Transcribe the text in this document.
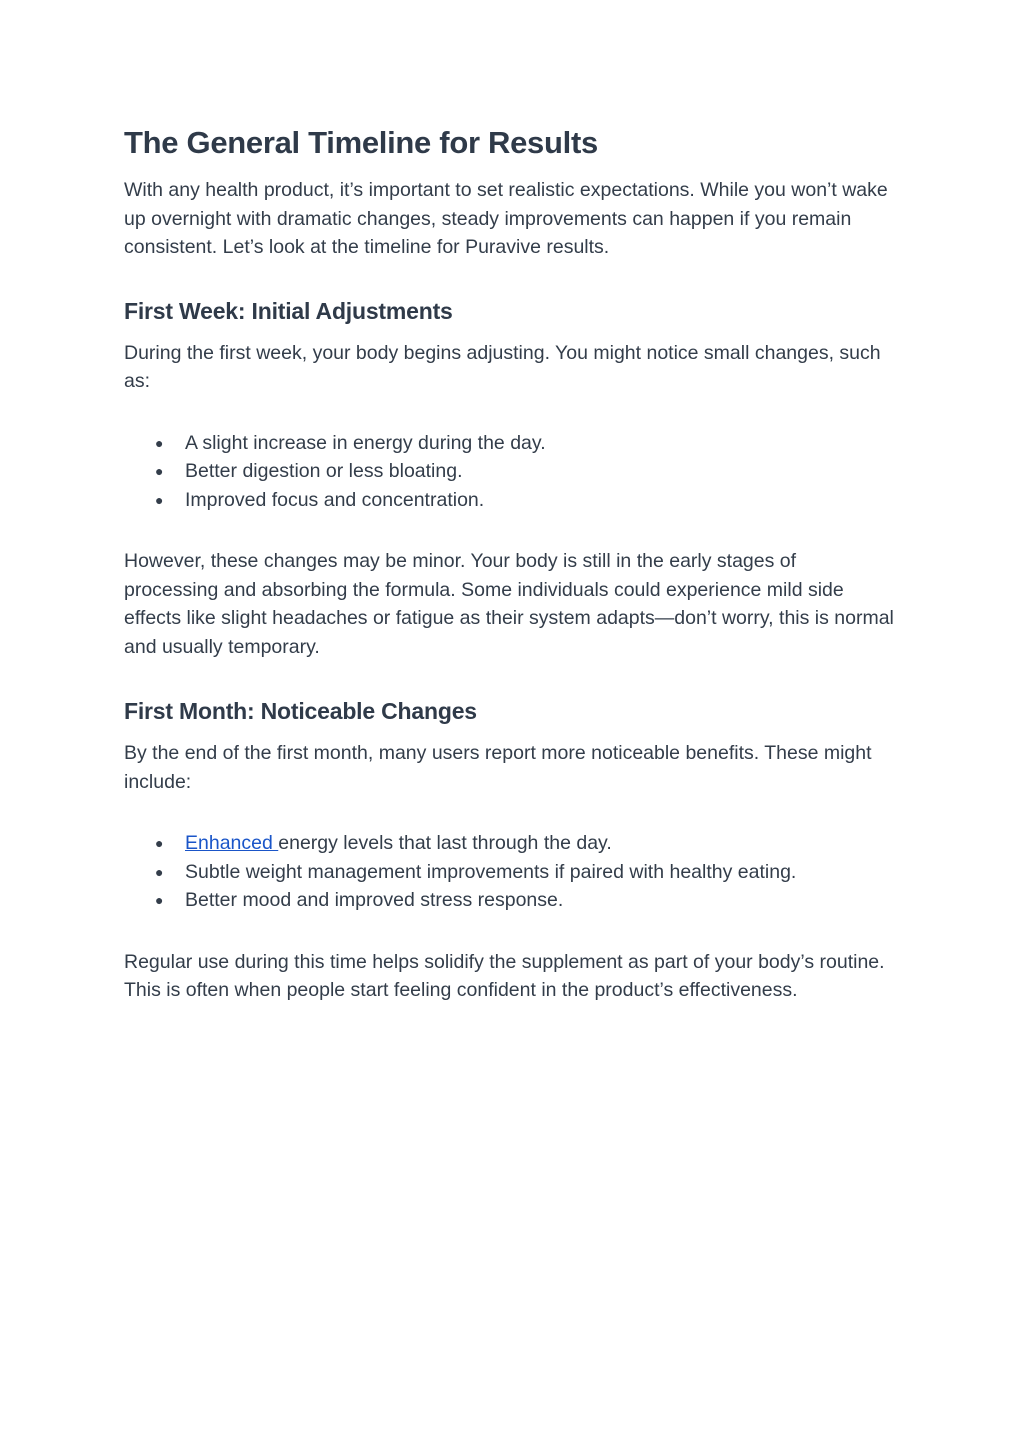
The General Timeline for Results

With any health product, it’s important to set realistic expectations. While you won’t wake up overnight with dramatic changes, steady improvements can happen if you remain consistent. Let’s look at the timeline for Puravive results.

First Week: Initial Adjustments

During the first week, your body begins adjusting. You might notice small changes, such as:

● A slight increase in energy during the day.
● Better digestion or less bloating.
● Improved focus and concentration.

However, these changes may be minor. Your body is still in the early stages of processing and absorbing the formula. Some individuals could experience mild side effects like slight headaches or fatigue as their system adapts—don’t worry, this is normal and usually temporary.

First Month: Noticeable Changes

By the end of the first month, many users report more noticeable benefits. These might include:

● Enhanced energy levels that last through the day.
● Subtle weight management improvements if paired with healthy eating.
● Better mood and improved stress response.

Regular use during this time helps solidify the supplement as part of your body’s routine. This is often when people start feeling confident in the product’s effectiveness.
